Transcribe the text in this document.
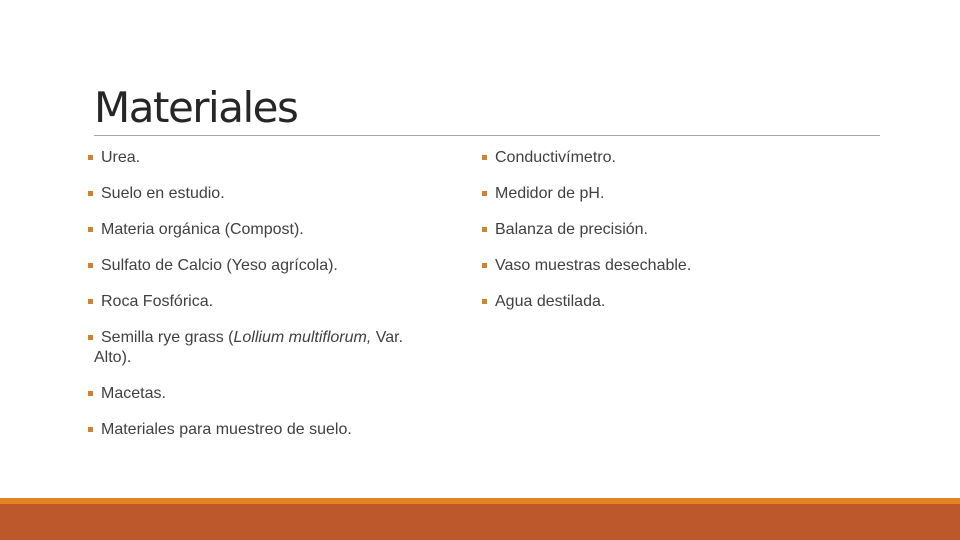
Materiales
Urea.
Suelo en estudio.
Materia orgánica (Compost).
Sulfato de Calcio (Yeso agrícola).
Roca Fosfórica.
Semilla rye grass (Lollium multiflorum, Var.
Alto).
Macetas.
Materiales para muestreo de suelo.
Conductivímetro.
Medidor de pH.
Balanza de precisión.
Vaso muestras desechable.
Agua destilada.
